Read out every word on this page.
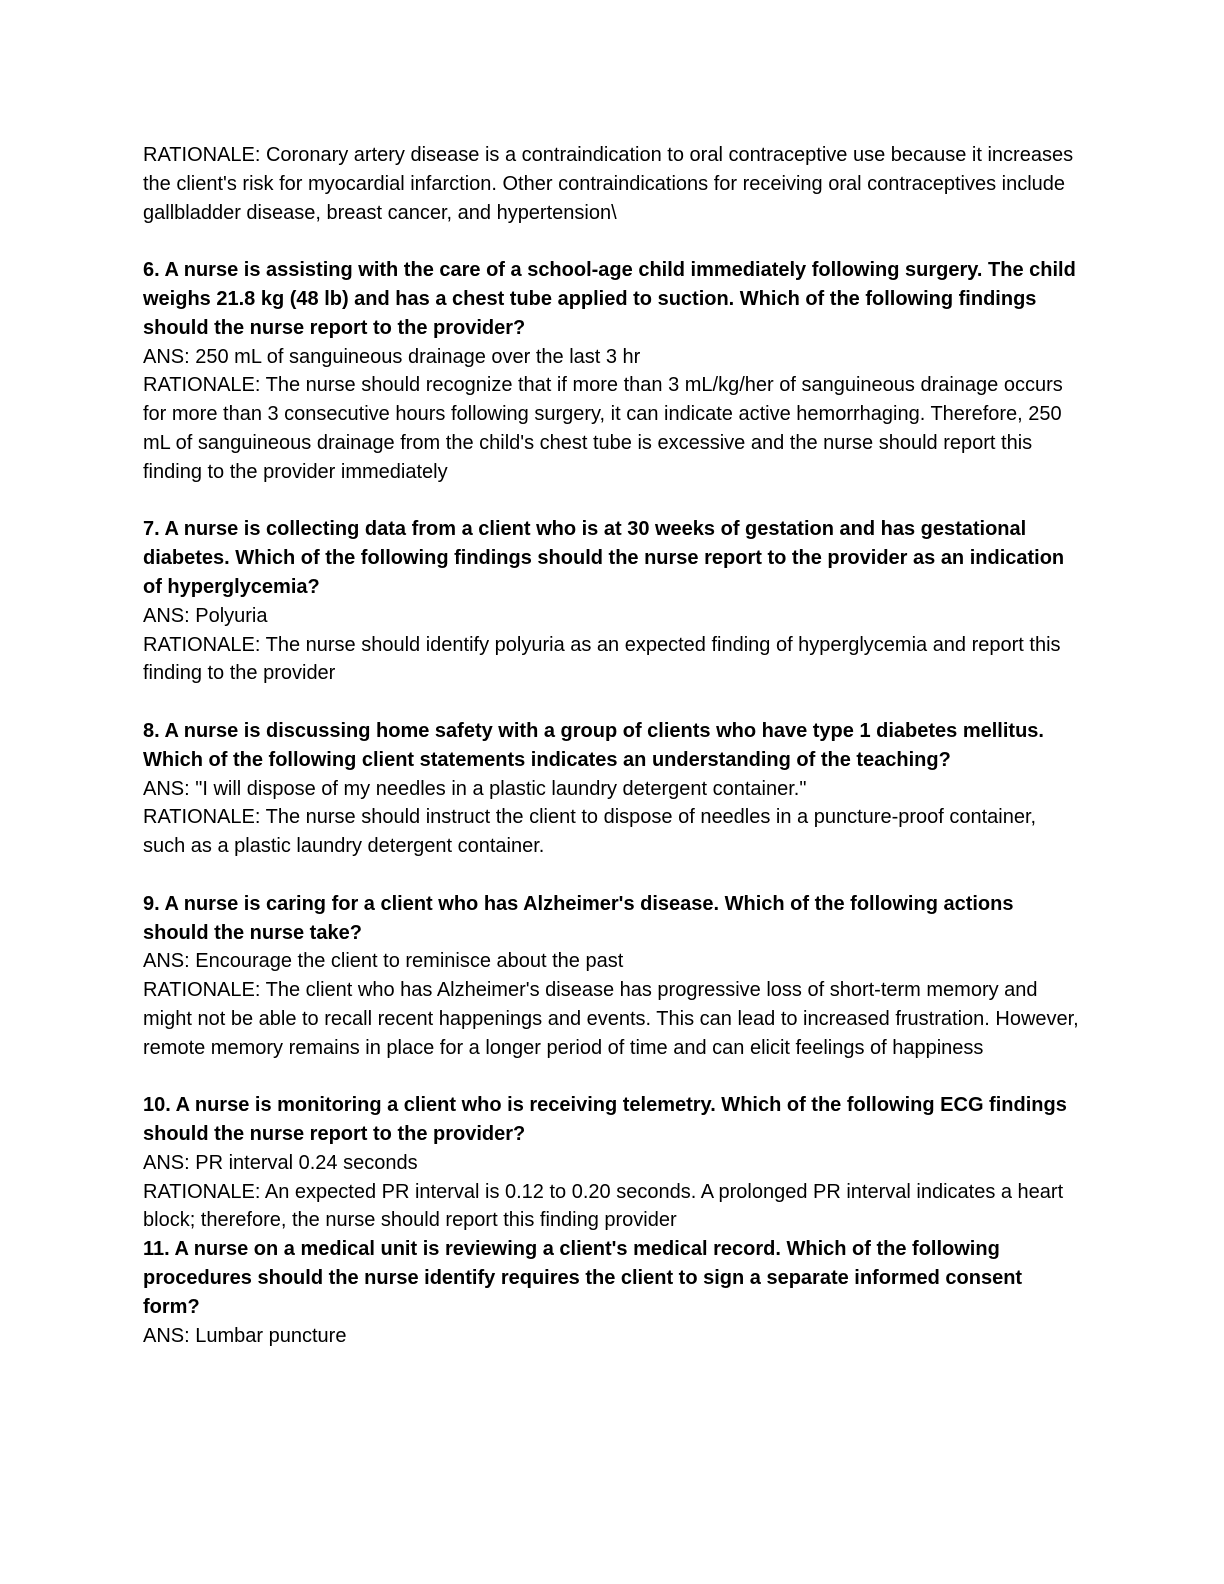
RATIONALE: Coronary artery disease is a contraindication to oral contraceptive use because it increases the client's risk for myocardial infarction. Other contraindications for receiving oral contraceptives include gallbladder disease, breast cancer, and hypertension\

6. A nurse is assisting with the care of a school-age child immediately following surgery. The child weighs 21.8 kg (48 lb) and has a chest tube applied to suction. Which of the following findings should the nurse report to the provider?

ANS: 250 mL of sanguineous drainage over the last 3 hr

RATIONALE: The nurse should recognize that if more than 3 mL/kg/her of sanguineous drainage occurs for more than 3 consecutive hours following surgery, it can indicate active hemorrhaging. Therefore, 250 mL of sanguineous drainage from the child's chest tube is excessive and the nurse should report this finding to the provider immediately

7. A nurse is collecting data from a client who is at 30 weeks of gestation and has gestational diabetes. Which of the following findings should the nurse report to the provider as an indication of hyperglycemia?

ANS: Polyuria

RATIONALE: The nurse should identify polyuria as an expected finding of hyperglycemia and report this finding to the provider

8. A nurse is discussing home safety with a group of clients who have type 1 diabetes mellitus. Which of the following client statements indicates an understanding of the teaching?

ANS: "I will dispose of my needles in a plastic laundry detergent container."

RATIONALE: The nurse should instruct the client to dispose of needles in a puncture-proof container, such as a plastic laundry detergent container.

9. A nurse is caring for a client who has Alzheimer's disease. Which of the following actions should the nurse take?

ANS: Encourage the client to reminisce about the past

RATIONALE: The client who has Alzheimer's disease has progressive loss of short-term memory and might not be able to recall recent happenings and events. This can lead to increased frustration. However, remote memory remains in place for a longer period of time and can elicit feelings of happiness

10. A nurse is monitoring a client who is receiving telemetry. Which of the following ECG findings should the nurse report to the provider?

ANS: PR interval 0.24 seconds

RATIONALE: An expected PR interval is 0.12 to 0.20 seconds. A prolonged PR interval indicates a heart block; therefore, the nurse should report this finding provider

11. A nurse on a medical unit is reviewing a client's medical record. Which of the following procedures should the nurse identify requires the client to sign a separate informed consent form?

ANS: Lumbar puncture
